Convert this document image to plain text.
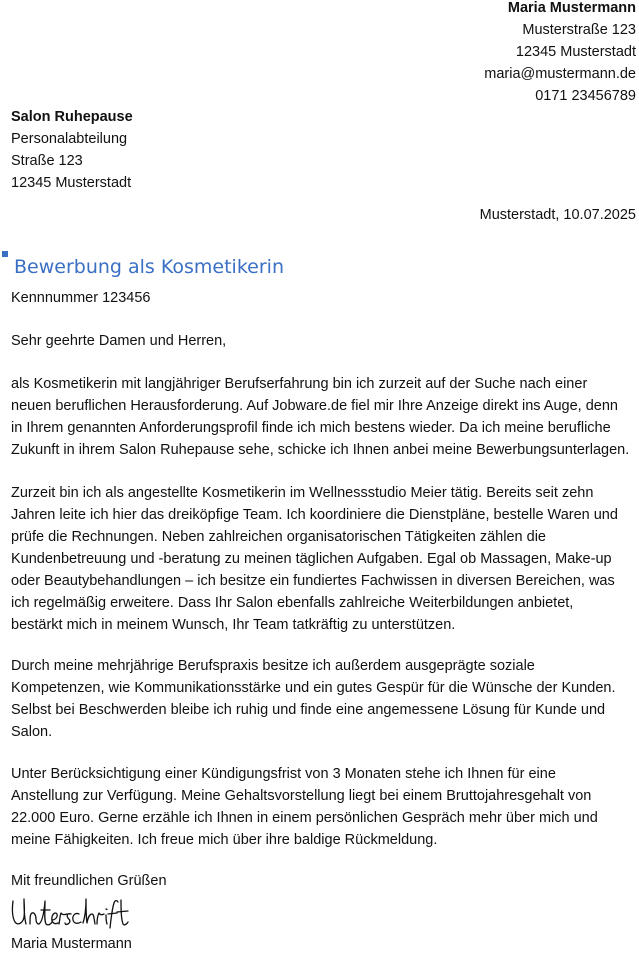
Maria Mustermann
Musterstraße 123
12345 Musterstadt
maria@mustermann.de
0171 23456789
Salon Ruhepause
Personalabteilung
Straße 123
12345 Musterstadt
Musterstadt, 10.07.2025
Bewerbung als Kosmetikerin
Kennnummer 123456
Sehr geehrte Damen und Herren,

als Kosmetikerin mit langjähriger Berufserfahrung bin ich zurzeit auf der Suche nach einer
neuen beruflichen Herausforderung. Auf Jobware.de fiel mir Ihre Anzeige direkt ins Auge, denn
in Ihrem genannten Anforderungsprofil finde ich mich bestens wieder. Da ich meine berufliche
Zukunft in ihrem Salon Ruhepause sehe, schicke ich Ihnen anbei meine Bewerbungsunterlagen.

Zurzeit bin ich als angestellte Kosmetikerin im Wellnessstudio Meier tätig. Bereits seit zehn
Jahren leite ich hier das dreiköpfige Team. Ich koordiniere die Dienstpläne, bestelle Waren und
prüfe die Rechnungen. Neben zahlreichen organisatorischen Tätigkeiten zählen die
Kundenbetreuung und -beratung zu meinen täglichen Aufgaben. Egal ob Massagen, Make-up
oder Beautybehandlungen – ich besitze ein fundiertes Fachwissen in diversen Bereichen, was
ich regelmäßig erweitere. Dass Ihr Salon ebenfalls zahlreiche Weiterbildungen anbietet,
bestärkt mich in meinem Wunsch, Ihr Team tatkräftig zu unterstützen.

Durch meine mehrjährige Berufspraxis besitze ich außerdem ausgeprägte soziale
Kompetenzen, wie Kommunikationsstärke und ein gutes Gespür für die Wünsche der Kunden.
Selbst bei Beschwerden bleibe ich ruhig und finde eine angemessene Lösung für Kunde und
Salon.

Unter Berücksichtigung einer Kündigungsfrist von 3 Monaten stehe ich Ihnen für eine
Anstellung zur Verfügung. Meine Gehaltsvorstellung liegt bei einem Bruttojahresgehalt von
22.000 Euro. Gerne erzähle ich Ihnen in einem persönlichen Gespräch mehr über mich und
meine Fähigkeiten. Ich freue mich über ihre baldige Rückmeldung.

Mit freundlichen Grüßen
Maria Mustermann
